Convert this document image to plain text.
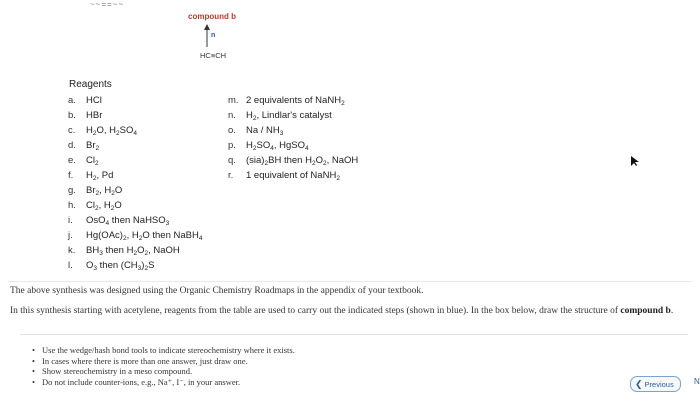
~~==~~
compound b
n
HC≡CH
Reagents
a.	HCl
b.	HBr
c.	$H_2O$, $H_2SO_4$
d.	$Br_2$
e.	$Cl_2$
f.	$H_2$, Pd
g.	$Br_2$, $H_2O$
h.	$Cl_2$, $H_2O$
i.	OsO$_4$ then NaHSO$_3$
j.	$Hg(OAc)_2$, $H_2O$ then NaBH$_4$
k.	$BH_3$ then $H_2O_2$, NaOH
l.	$O_3$ then $(CH_3)_2S$
m. 2 equivalents of NaNH$_2$
n.	$H_2$, Lindlar's catalyst
o.	Na / $NH_3$
p.	$H_2SO_4$, HgSO$_4$
q.	$(sia)_2BH$ then $H_2O_2$, NaOH
r.	1 equivalent of NaNH$_2$
The above synthesis was designed using the Organic Chemistry Roadmaps in the appendix of your textbook.
In this synthesis starting with acetylene, reagents from the table are used to carry out the indicated steps (shown in blue). In the box below, draw the structure of compound b.
• Use the wedge/hash bond tools to indicate stereochemistry where it exists.
• In cases where there is more than one answer, just draw one.
• Show stereochemistry in a meso compound.
• Do not include counter-ions, e.g., Na⁺, I⁻, in your answer.	❮ Previous	N
